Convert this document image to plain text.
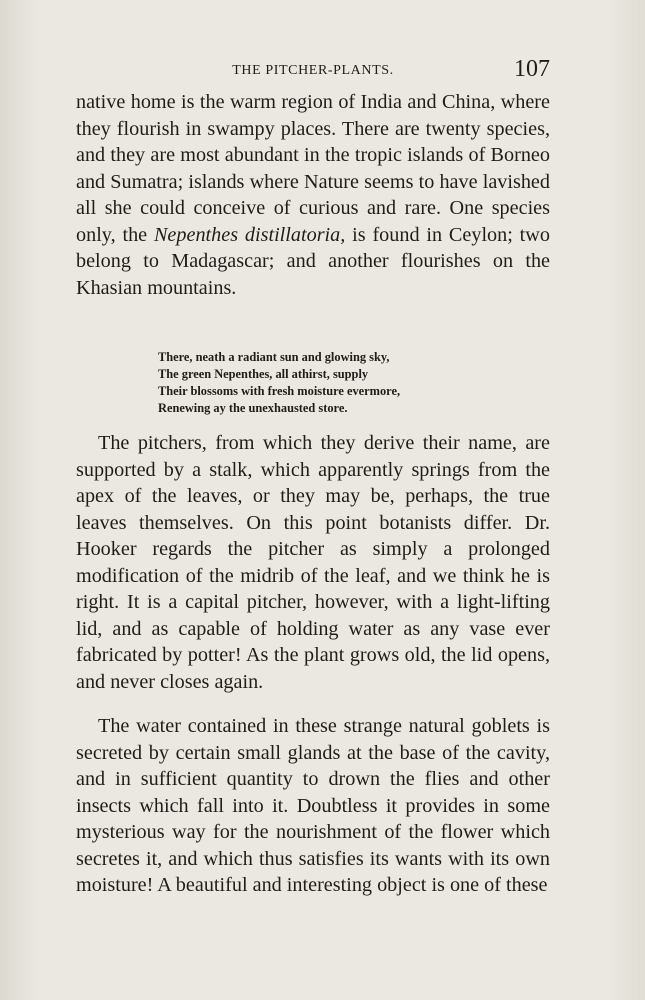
THE PITCHER-PLANTS.	107

native home is the warm region of India and China, where they flourish in swampy places. There are twenty species, and they are most abundant in the tropic islands of Borneo and Sumatra; islands where Nature seems to have lavished all she could conceive of curious and rare. One species only, the Nepenthes distillatoria, is found in Ceylon; two belong to Madagascar; and another flourishes on the Khasian mountains.

There, neath a radiant sun and glowing sky,
The green Nepenthes, all athirst, supply
Their blossoms with fresh moisture evermore,
Renewing ay the unexhausted store.

The pitchers, from which they derive their name, are supported by a stalk, which apparently springs from the apex of the leaves, or they may be, perhaps, the true leaves themselves. On this point botanists differ. Dr. Hooker regards the pitcher as simply a prolonged modification of the midrib of the leaf, and we think he is right. It is a capital pitcher, however, with a light-lifting lid, and as capable of holding water as any vase ever fabricated by potter! As the plant grows old, the lid opens, and never closes again.

The water contained in these strange natural goblets is secreted by certain small glands at the base of the cavity, and in sufficient quantity to drown the flies and other insects which fall into it. Doubtless it provides in some mysterious way for the nourishment of the flower which secretes it, and which thus satisfies its wants with its own moisture! A beautiful and interesting object is one of these
